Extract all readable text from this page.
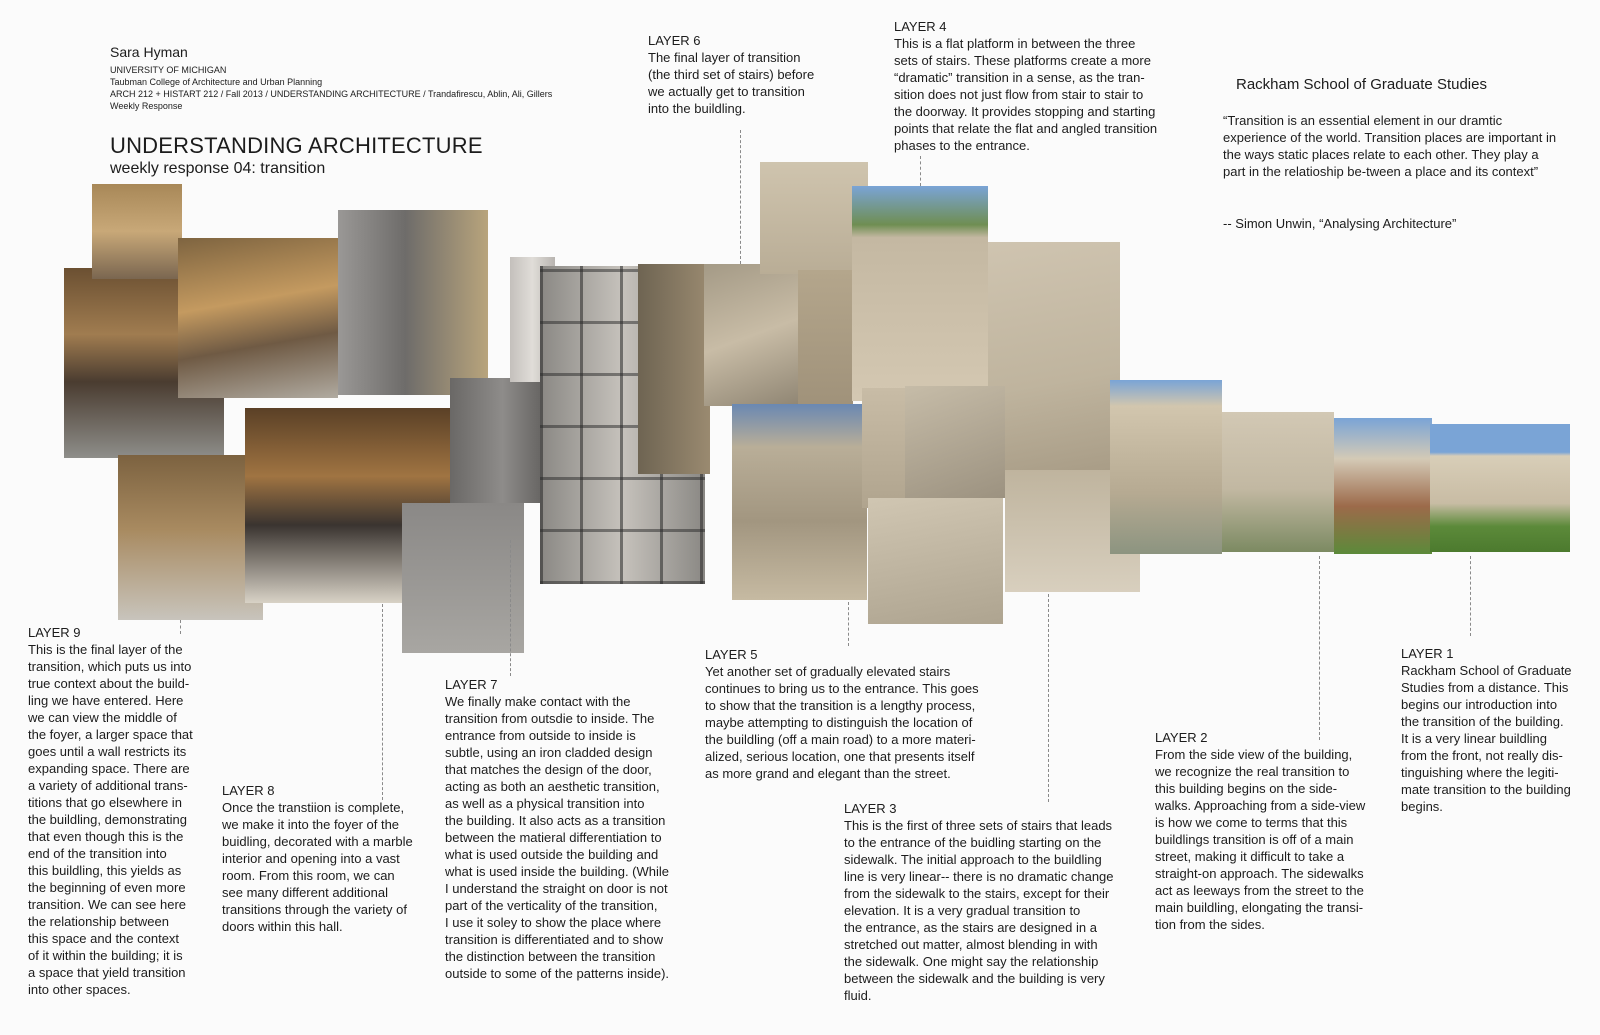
Sara Hyman
UNIVERSITY OF MICHIGAN
Taubman College of Architecture and Urban Planning
ARCH 212 + HISTART 212 / Fall 2013 / UNDERSTANDING ARCHITECTURE / Trandafirescu, Ablin, Ali, Gillers
Weekly Response
UNDERSTANDING ARCHITECTURE
weekly response 04: transition
Rackham School of Graduate Studies
“Transition is an essential element in our dramtic experience of the world. Transition places are important in the ways static places relate to each other. They play a part in the relatioship be-tween a place and its context”
-- Simon Unwin, “Analysing Architecture”
LAYER 1
Rackham School of Graduate
Studies from a distance. This
begins our introduction into
the transition of the building.
It is a very linear buildling
from the front, not really dis-
tinguishing where the legiti-
mate transition to the building
begins.
LAYER 2
From the side view of the building,
we recognize the real transition to
this building begins on the side-
walks. Approaching from a side-view
is how we come to terms that this
buildlings transition is off of a main
street, making it difficult to take a
straight-on approach. The sidewalks
act as leeways from the street to the
main buildling, elongating the transi-
tion from the sides.
LAYER 3
This is the first of three sets of stairs that leads
to the entrance of the buidling starting on the
sidewalk. The initial approach to the buildling
line is very linear-- there is no dramatic change
from the sidewalk to the stairs, except for their
elevation. It is a very gradual transition to
the entrance, as the stairs are designed in a
stretched out matter, almost blending in with
the sidewalk. One might say the relationship
between the sidewalk and the building is very
fluid.
LAYER 4
This is a flat platform in between the three
sets of stairs. These platforms create a more
“dramatic” transition in a sense, as the tran-
sition does not just flow from stair to stair to
the doorway. It provides stopping and starting
points that relate the flat and angled transition
phases to the entrance.
LAYER 5
Yet another set of gradually elevated stairs
continues to bring us to the entrance. This goes
to show that the transition is a lengthy process,
maybe attempting to distinguish the location of
the buildling (off a main road) to a more materi-
alized, serious location, one that presents itself
as more grand and elegant than the street.
LAYER 6
The final layer of transition
(the third set of stairs) before
we actually get to transition
into the buildling.
LAYER 7
We finally make contact with the
transition from outsdie to inside. The
entrance from outside to inside is
subtle, using an iron cladded design
that matches the design of the door,
acting as both an aesthetic transition,
as well as a physical transition into
the building. It also acts as a transition
between the matieral differentiation to
what is used outside the building and
what is used inside the building. (While
I understand the straight on door is not
part of the verticality of the transition,
I use it soley to show the place where
transition is differentiated and to show
the distinction between the transition
outside to some of the patterns inside).
LAYER 8
Once the transtiion is complete,
we make it into the foyer of the
buidling, decorated with a marble
interior and opening into a vast
room. From this room, we can
see many different additional
transitions through the variety of
doors within this hall.
LAYER 9
This is the final layer of the
transition, which puts us into
true context about the build-
ling we have entered. Here
we can view the middle of
the foyer, a larger space that
goes until a wall restricts its
expanding space. There are
a variety of additional trans-
titions that go elsewhere in
the buildling, demonstrating
that even though this is the
end of the transition into
this buildling, this yields as
the beginning of even more
transition. We can see here
the relationship between
this space and the context
of it within the building; it is
a space that yield transition
into other spaces.
